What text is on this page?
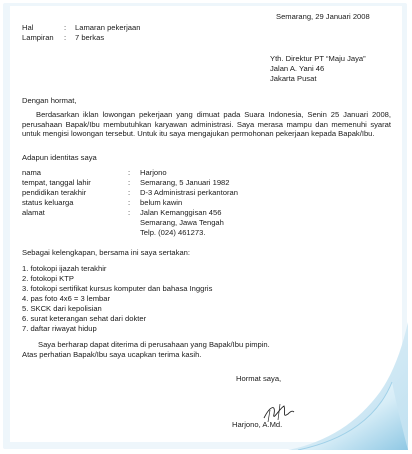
Semarang, 29 Januari 2008
Hal	: Lamaran pekerjaan
Lampiran : 7 berkas
Yth. Direktur PT “Maju Jaya”
Jalan A. Yani 46
Jakarta Pusat
Dengan hormat,
Berdasarkan iklan lowongan pekerjaan yang dimuat pada Suara Indonesia, Senin 25 Januari 2008, perusahaan Bapak/Ibu membutuhkan karyawan administrasi. Saya merasa mampu dan memenuhi syarat untuk mengisi lowongan tersebut. Untuk itu saya mengajukan permohonan pekerjaan kepada Bapak/Ibu.
Adapun identitas saya
nama	: Harjono
tempat, tanggal lahir	: Semarang, 5 Januari 1982
pendidikan terakhir	: D-3 Administrasi perkantoran
status keluarga	: belum kawin
alamat	: Jalan Kemanggisan 456
Semarang, Jawa Tengah
Telp. (024) 461273.
Sebagai kelengkapan, bersama ini saya sertakan:
1. fotokopi ijazah terakhir
2. fotokopi KTP
3. fotokopi sertifikat kursus komputer dan bahasa Inggris
4. pas foto 4x6 = 3 lembar
5. SKCK dari kepolisian
6. surat keterangan sehat dari dokter
7. daftar riwayat hidup
Saya berharap dapat diterima di perusahaan yang Bapak/Ibu pimpin.
Atas perhatian Bapak/Ibu saya ucapkan terima kasih.
Hormat saya,
Harjono, A.Md.
